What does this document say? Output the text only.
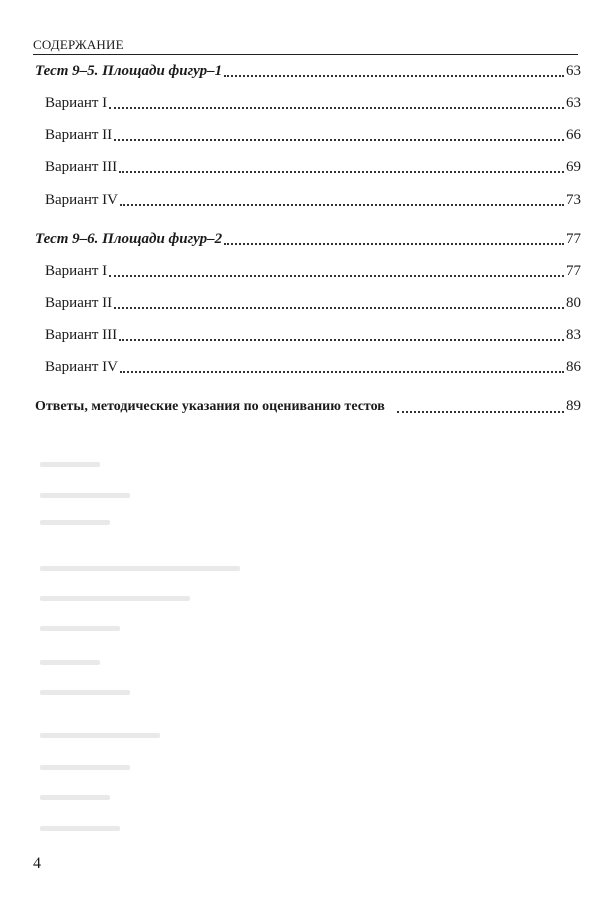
СОДЕРЖАНИЕ
Тест 9–5. Площади фигур–1	63
Вариант I	63
Вариант II	66
Вариант III	69
Вариант IV	73
Тест 9–6. Площади фигур–2	77
Вариант I	77
Вариант II	80
Вариант III	83
Вариант IV	86
Ответы, методические указания по оцениванию тестов	89
4
